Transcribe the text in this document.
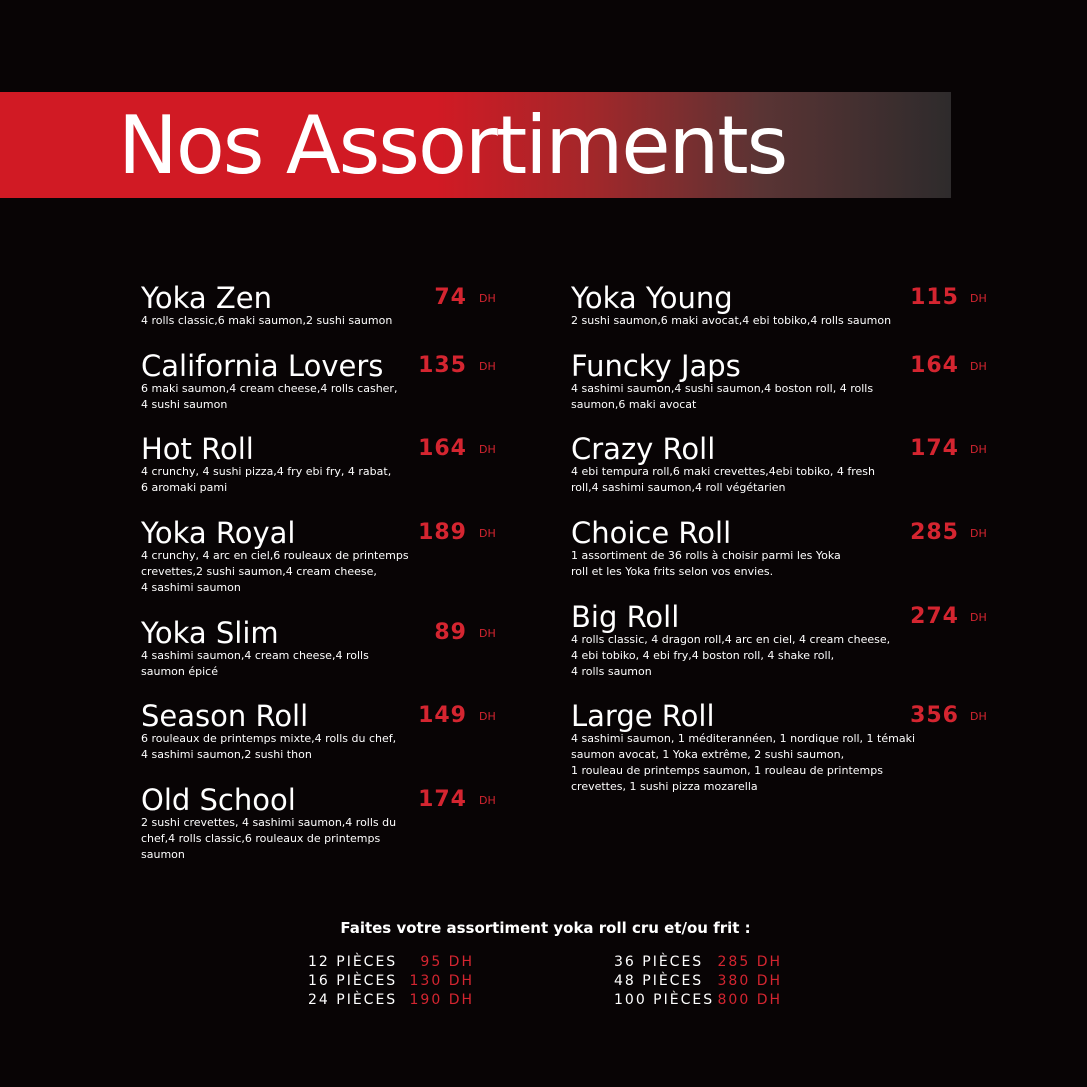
Nos Assortiments
Yoka Zen	74 DH
4 rolls classic,6 maki saumon,2 sushi saumon
California Lovers 135 DH
6 maki saumon,4 cream cheese,4 rolls casher,
4 sushi saumon
Hot Roll	164 DH
4 crunchy, 4 sushi pizza,4 fry ebi fry, 4 rabat,
6 aromaki pami
Yoka Royal	189 DH
4 crunchy, 4 arc en ciel,6 rouleaux de printemps
crevettes,2 sushi saumon,4 cream cheese,
4 sashimi saumon
Yoka Slim	89 DH
4 sashimi saumon,4 cream cheese,4 rolls
saumon épicé
Season Roll	149 DH
6 rouleaux de printemps mixte,4 rolls du chef,
4 sashimi saumon,2 sushi thon
Old School	174 DH
2 sushi crevettes, 4 sashimi saumon,4 rolls du
chef,4 rolls classic,6 rouleaux de printemps
saumon
Yoka Young	115 DH
2 sushi saumon,6 maki avocat,4 ebi tobiko,4 rolls saumon
Funcky Japs	164 DH
4 sashimi saumon,4 sushi saumon,4 boston roll, 4 rolls
saumon,6 maki avocat
Crazy Roll	174 DH
4 ebi tempura roll,6 maki crevettes,4ebi tobiko, 4 fresh
roll,4 sashimi saumon,4 roll végétarien
Choice Roll	285 DH
1 assortiment de 36 rolls à choisir parmi les Yoka
roll et les Yoka frits selon vos envies.
Big Roll	274 DH
4 rolls classic, 4 dragon roll,4 arc en ciel, 4 cream cheese,
4 ebi tobiko, 4 ebi fry,4 boston roll, 4 shake roll,
4 rolls saumon
Large Roll	356 DH
4 sashimi saumon, 1 méditerannéen, 1 nordique roll, 1 témaki
saumon avocat, 1 Yoka extrême, 2 sushi saumon,
1 rouleau de printemps saumon, 1 rouleau de printemps
crevettes, 1 sushi pizza mozarella
Faites votre assortiment yoka roll cru et/ou frit :
12 PIÈCES 95 DH
16 PIÈCES 130 DH
24 PIÈCES 190 DH
36 PIÈCES 285 DH
48 PIÈCES 380 DH
100 PIÈCES 800 DH
